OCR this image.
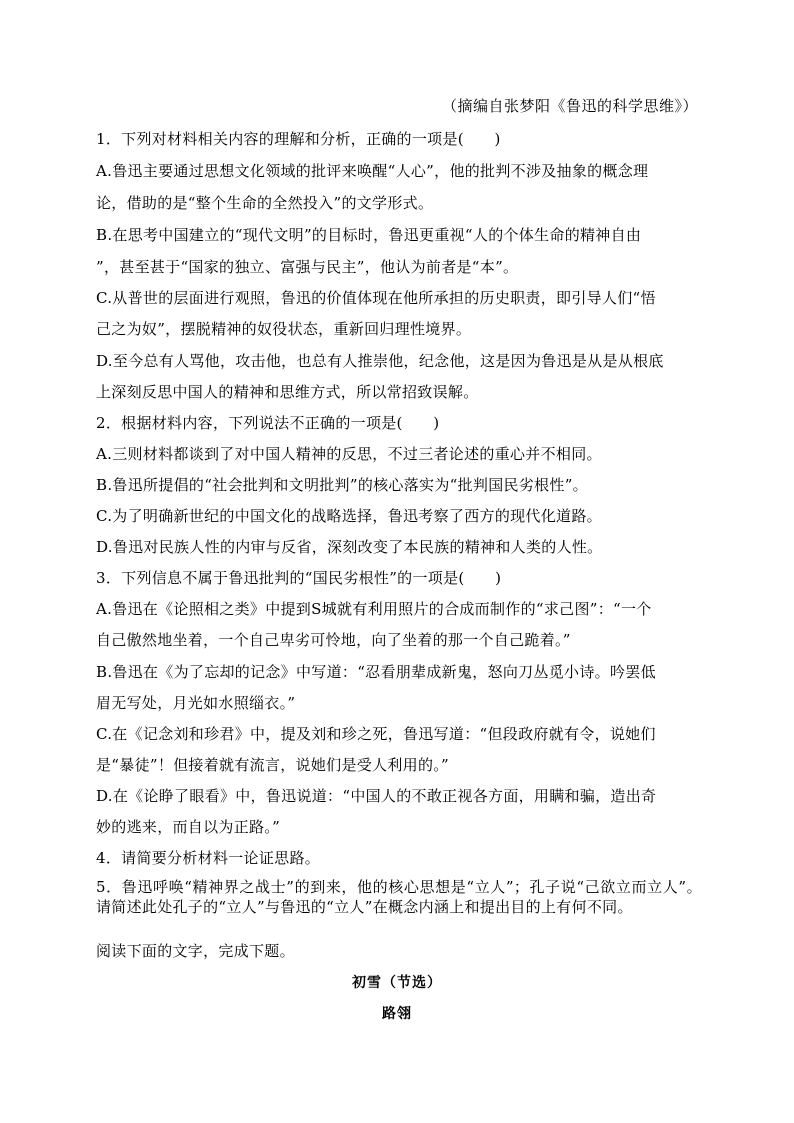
（摘编自张梦阳《鲁迅的科学思维》）
1．下列对材料相关内容的理解和分析，正确的一项是(　　)
A.鲁迅主要通过思想文化领域的批评来唤醒“人心”，他的批判不涉及抽象的概念理
论，借助的是“整个生命的全然投入”的文学形式。
B.在思考中国建立的“现代文明”的目标时，鲁迅更重视“人的个体生命的精神自由
”，甚至甚于“国家的独立、富强与民主”，他认为前者是“本”。
C.从普世的层面进行观照，鲁迅的价值体现在他所承担的历史职责，即引导人们“悟
己之为奴”，摆脱精神的奴役状态，重新回归理性境界。
D.至今总有人骂他，攻击他，也总有人推崇他，纪念他，这是因为鲁迅是从是从根底
上深刻反思中国人的精神和思维方式，所以常招致误解。
2．根据材料内容，下列说法不正确的一项是(　　)
A.三则材料都谈到了对中国人精神的反思，不过三者论述的重心并不相同。
B.鲁迅所提倡的“社会批判和文明批判”的核心落实为“批判国民劣根性”。
C.为了明确新世纪的中国文化的战略选择，鲁迅考察了西方的现代化道路。
D.鲁迅对民族人性的内审与反省，深刻改变了本民族的精神和人类的人性。
3．下列信息不属于鲁迅批判的“国民劣根性”的一项是(　　)
A.鲁迅在《论照相之类》中提到S城就有利用照片的合成而制作的“求己图”：“一个
自己傲然地坐着，一个自己卑劣可怜地，向了坐着的那一个自己跪着。”
B.鲁迅在《为了忘却的记念》中写道：“忍看朋辈成新鬼，怒向刀丛觅小诗。吟罢低
眉无写处，月光如水照缁衣。”
C.在《记念刘和珍君》中，提及刘和珍之死，鲁迅写道：“但段政府就有令，说她们
是“暴徒”！但接着就有流言，说她们是受人利用的。”
D.在《论睁了眼看》中，鲁迅说道：“中国人的不敢正视各方面，用瞒和骗，造出奇
妙的逃来，而自以为正路。”
4．请简要分析材料一论证思路。
5．鲁迅呼唤“精神界之战士”的到来，他的核心思想是“立人”；孔子说“己欲立而立人”。请简述此处孔子的“立人”与鲁迅的“立人”在概念内涵上和提出目的上有何不同。
阅读下面的文字，完成下题。
初雪（节选）
路翎
